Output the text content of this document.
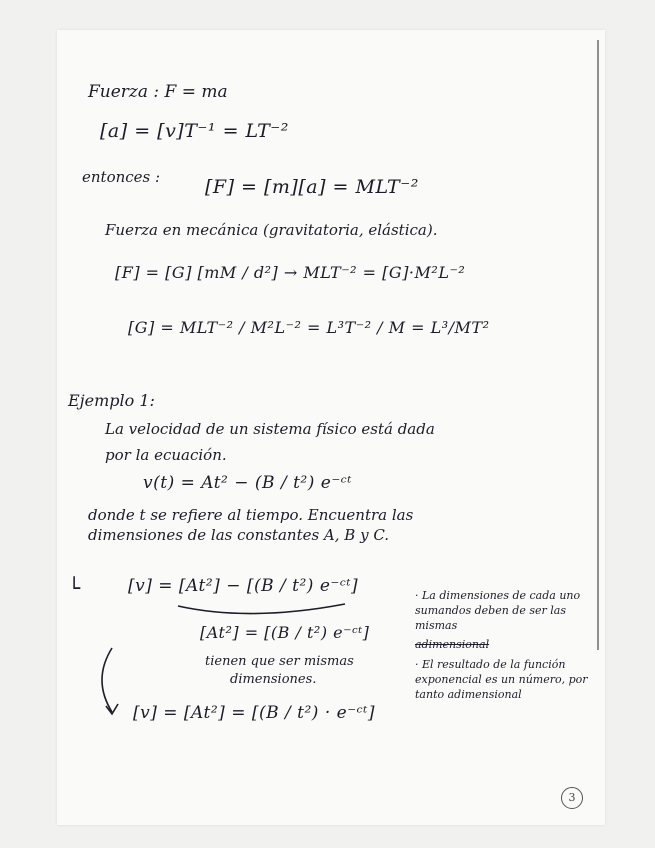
Fuerza : F = ma
[a] = [v]T⁻¹ = LT⁻²
entonces : [F] = [m][a] = MLT⁻²
Fuerza en mecánica (gravitatoria, elástica).
[F] = [G] [mM / d²] → MLT⁻² = [G]·M²L⁻²
[G] = MLT⁻² / M²L⁻² = L³T⁻² / M = L³/MT²
Ejemplo 1:
La velocidad de un sistema físico está dada
por la ecuación.
v(t) = At² − (B / t²) e⁻ᶜᵗ
donde t se refiere al tiempo. Encuentra las
dimensiones de las constantes A, B y C.
└	[v] = [At²] − [(B / t²) e⁻ᶜᵗ]
[At²] = [(B / t²) e⁻ᶜᵗ]
tienen que ser mismas
dimensiones.
[v] = [At²] = [(B / t²) · e⁻ᶜᵗ]
· La dimensiones de cada uno sumandos deben de ser las mismas
adimensional
· El resultado de la función exponencial es un número, por tanto adimensional
3
